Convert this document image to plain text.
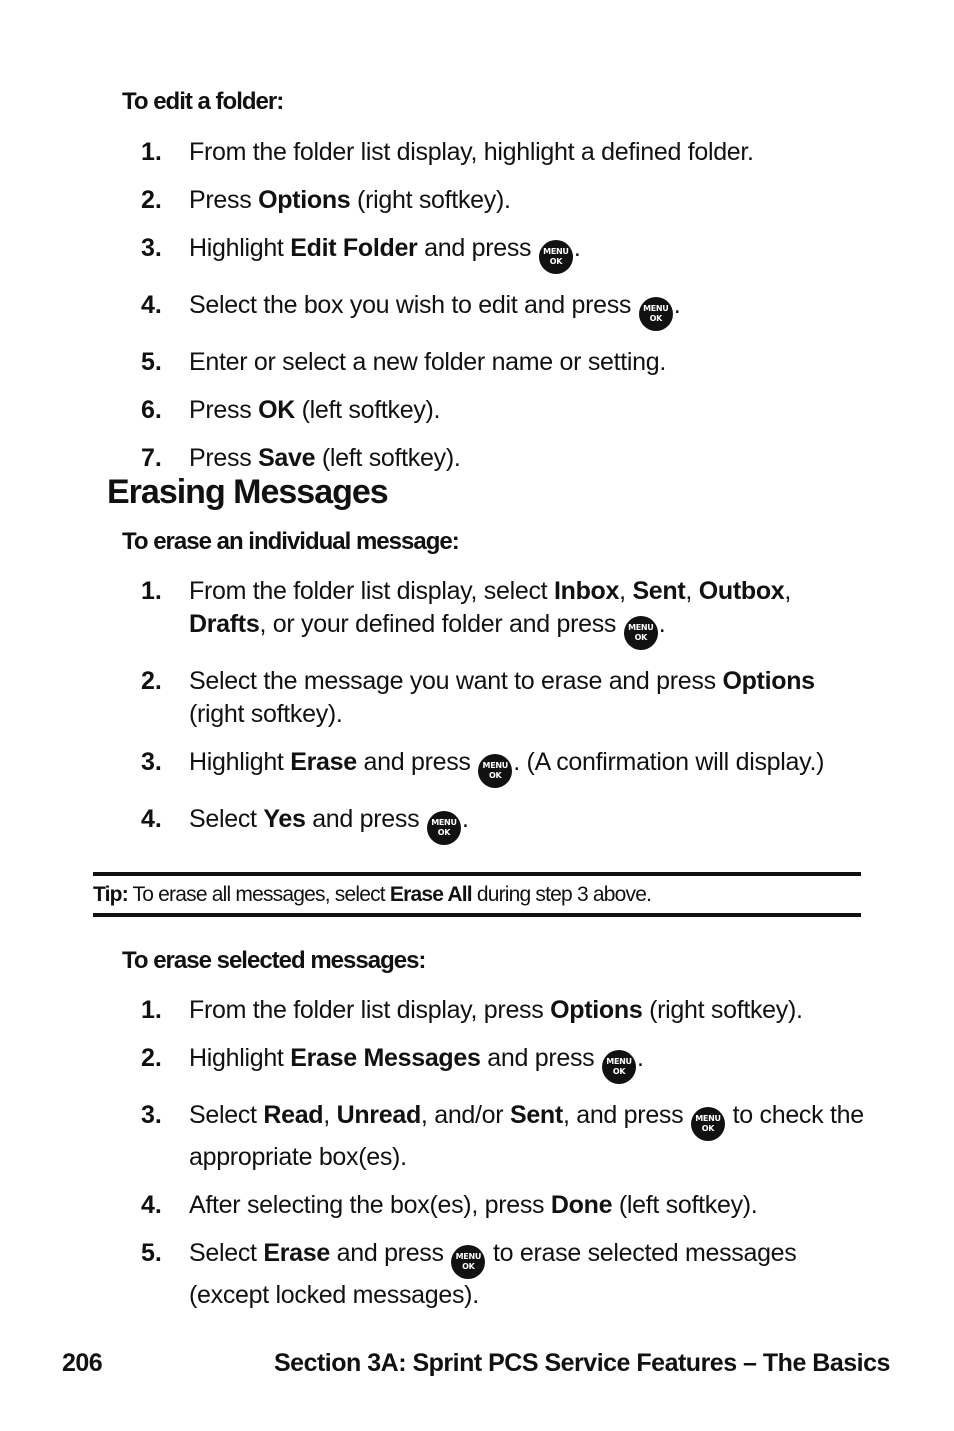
To edit a folder:

1.	From the folder list display, highlight a defined folder.
2.	Press Options (right softkey).
3.	Highlight Edit Folder and press MENU
OK .
4.	Select the box you wish to edit and press MENU
OK .
5.	Enter or select a new folder name or setting.
6.	Press OK (left softkey).
7.	Press Save (left softkey).
Erasing Messages

To erase an individual message:

1.	From the folder list display, select Inbox, Sent, Outbox, Drafts, or your defined folder and press MENU
OK .
2.	Select the message you want to erase and press Options (right softkey).
3.	Highlight Erase and press MENU
OK . (A confirmation will display.)
4.	Select Yes and press MENU
OK .
Tip: To erase all messages, select Erase All during step 3 above.

To erase selected messages:

1.	From the folder list display, press Options (right softkey).
2.	Highlight Erase Messages and press MENU
OK .
3.	Select Read, Unread, and/or Sent, and press MENU
OK to check the appropriate box(es).
4.	After selecting the box(es), press Done (left softkey).
5.	Select Erase and press MENU
OK to erase selected messages (except locked messages).
206	Section 3A: Sprint PCS Service Features – The Basics
